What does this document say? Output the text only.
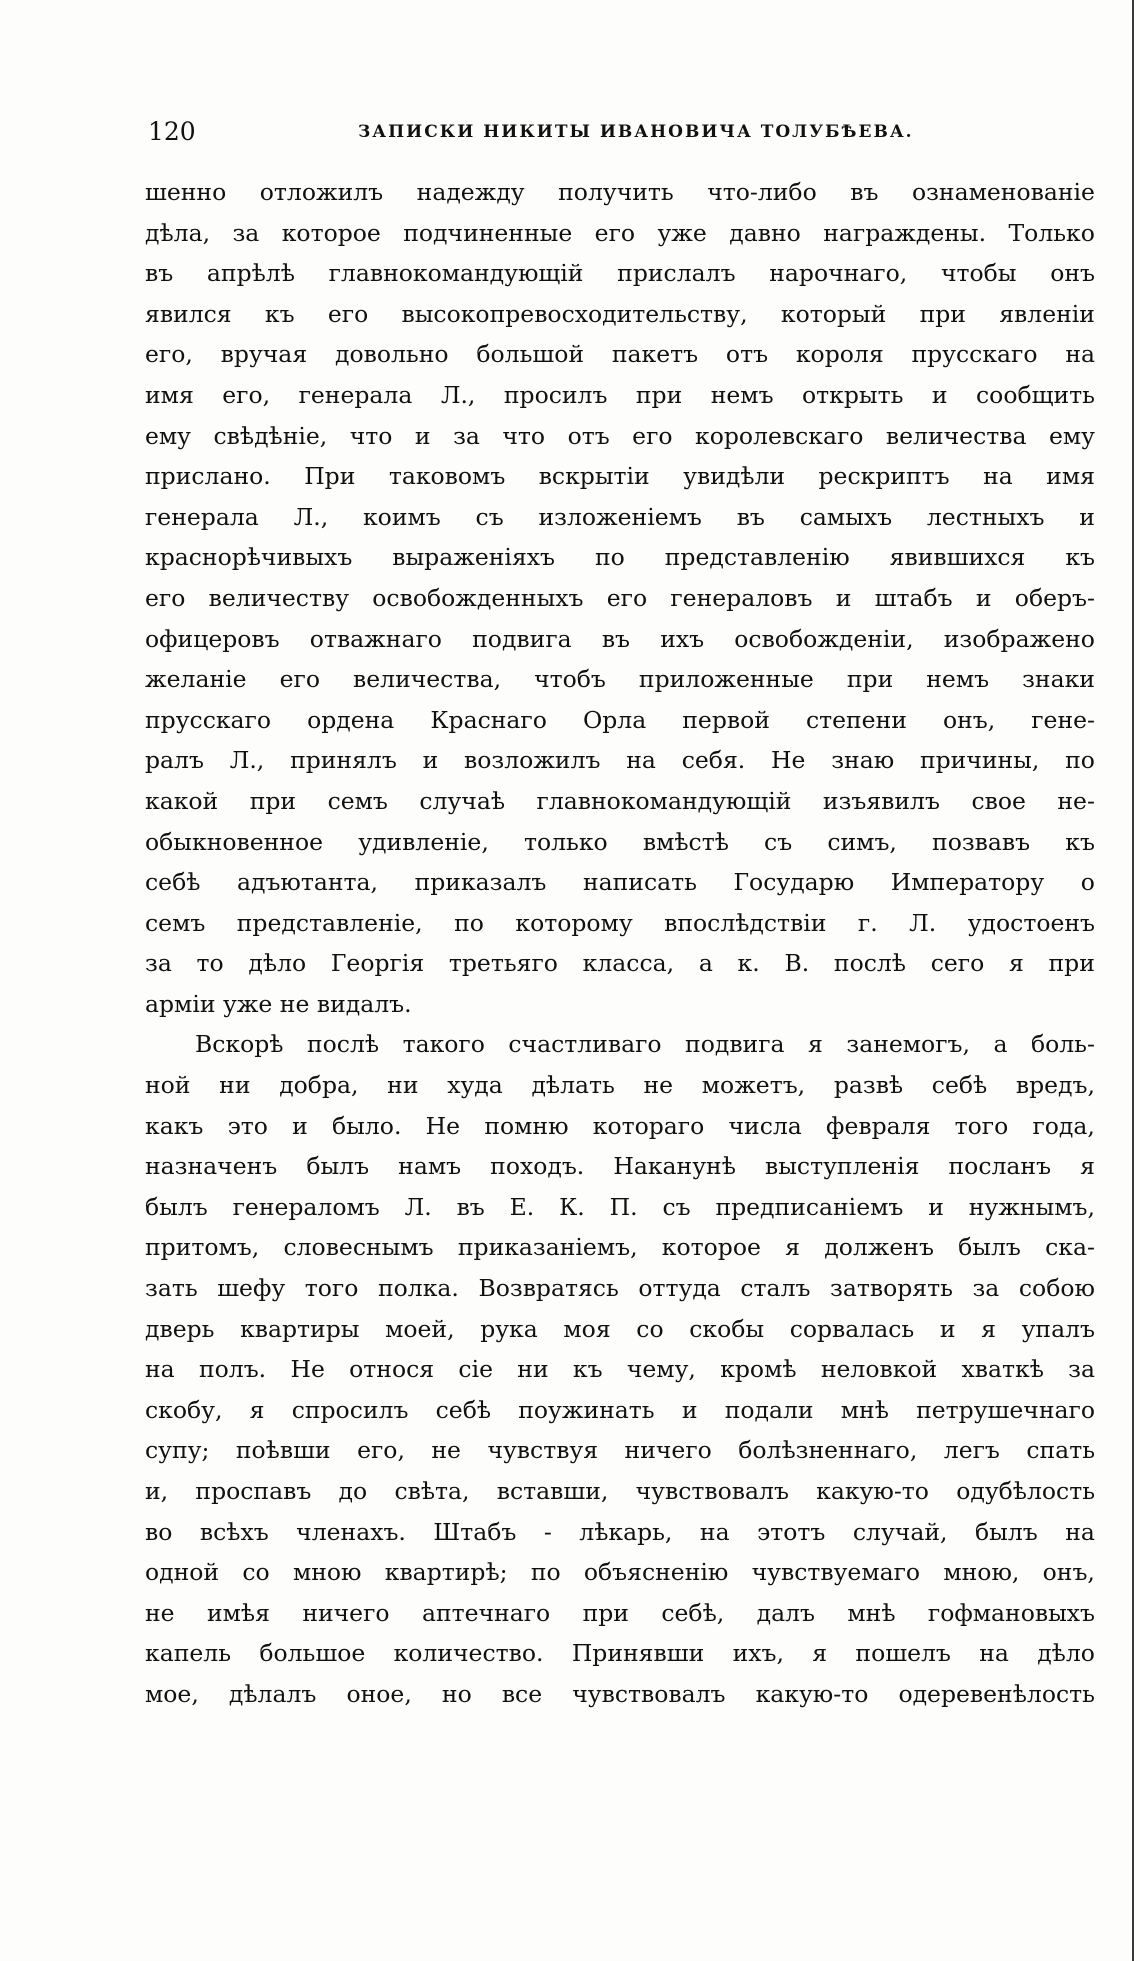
120	ЗАПИСКИ НИКИТЫ ИВАНОВИЧА ТОЛУБѢЕВА.
шенно отложилъ надежду получить что-либо въ ознаменованіе
дѣла, за которое подчиненные его уже давно награждены. Только
въ апрѣлѣ главнокомандующій прислалъ нарочнаго, чтобы онъ
явился къ его высокопревосходительству, который при явленіи
его, вручая довольно большой пакетъ отъ короля прусскаго на
имя его, генерала Л., просилъ при немъ открыть и сообщить
ему свѣдѣніе, что и за что отъ его королевскаго величества ему
прислано. При таковомъ вскрытіи увидѣли рескриптъ на имя
генерала Л., коимъ съ изложеніемъ въ самыхъ лестныхъ и
краснорѣчивыхъ выраженіяхъ по представленію явившихся къ
его величеству освобожденныхъ его генераловъ и штабъ и оберъ-
офицеровъ отважнаго подвига въ ихъ освобожденіи, изображено
желаніе его величества, чтобъ приложенные при немъ знаки
прусскаго ордена Краснаго Орла первой степени онъ, гене-
ралъ Л., принялъ и возложилъ на себя. Не знаю причины, по
какой при семъ случаѣ главнокомандующій изъявилъ свое не-
обыкновенное удивленіе, только вмѣстѣ съ симъ, позвавъ къ
себѣ адъютанта, приказалъ написать Государю Императору о
семъ представленіе, по которому впослѣдствіи г. Л. удостоенъ
за то дѣло Георгія третьяго класса, а к. В. послѣ сего я при
арміи уже не видалъ.
Вскорѣ послѣ такого счастливаго подвига я занемогъ, а боль-
ной ни добра, ни худа дѣлать не можетъ, развѣ себѣ вредъ,
какъ это и было. Не помню котораго числа февраля того года,
назначенъ былъ намъ походъ. Наканунѣ выступленія посланъ я
былъ генераломъ Л. въ Е. К. П. съ предписаніемъ и нужнымъ,
притомъ, словеснымъ приказаніемъ, которое я долженъ былъ ска-
зать шефу того полка. Возвратясь оттуда сталъ затворять за собою
дверь квартиры моей, рука моя со скобы сорвалась и я упалъ
на полъ. Не относя сіе ни къ чему, кромѣ неловкой хваткѣ за
скобу, я спросилъ себѣ поужинать и подали мнѣ петрушечнаго
супу; поѣвши его, не чувствуя ничего болѣзненнаго, легъ спать
и, проспавъ до свѣта, вставши, чувствовалъ какую-то одубѣлость
во всѣхъ членахъ. Штабъ - лѣкарь, на этотъ случай, былъ на
одной со мною квартирѣ; по объясненію чувствуемаго мною, онъ,
не имѣя ничего аптечнаго при себѣ, далъ мнѣ гофмановыхъ
капель большое количество. Принявши ихъ, я пошелъ на дѣло
мое, дѣлалъ оное, но все чувствовалъ какую-то одеревенѣлость
